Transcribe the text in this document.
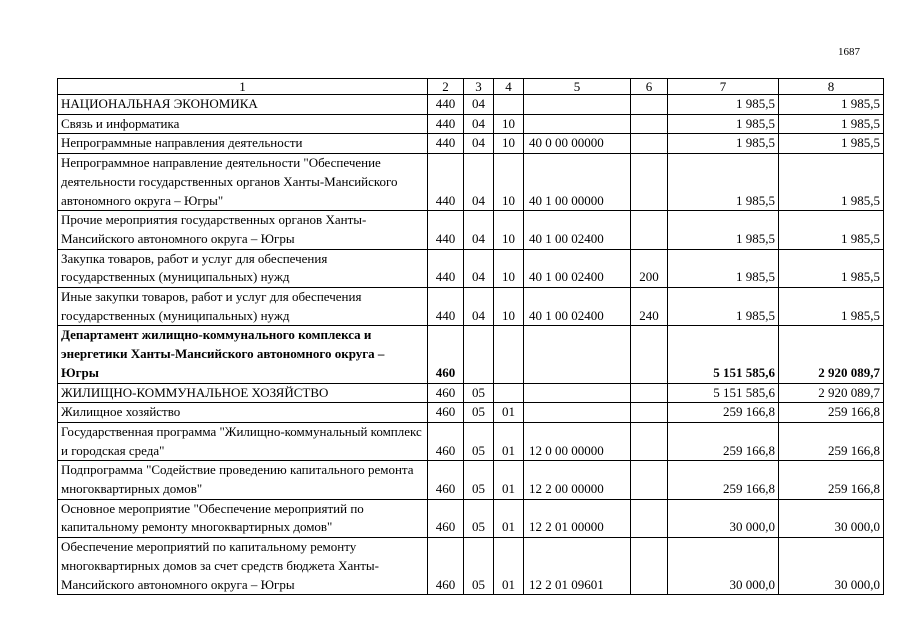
1687
1	2	3	4	5	6	7	8
НАЦИОНАЛЬНАЯ ЭКОНОМИКА	440	04				1 985,5	1 985,5
Связь и информатика	440	04	10			1 985,5	1 985,5
Непрограммные направления деятельности	440	04	10	40 0 00 00000		1 985,5	1 985,5
Непрограммное направление деятельности "Обеспечение деятельности государственных органов Ханты-Мансийского автономного округа – Югры"	440	04	10	40 1 00 00000		1 985,5	1 985,5
Прочие мероприятия государственных органов Ханты-Мансийского автономного округа – Югры	440	04	10	40 1 00 02400		1 985,5	1 985,5
Закупка товаров, работ и услуг для обеспечения государственных (муниципальных) нужд	440	04	10	40 1 00 02400	200	1 985,5	1 985,5
Иные закупки товаров, работ и услуг для обеспечения государственных (муниципальных) нужд	440	04	10	40 1 00 02400	240	1 985,5	1 985,5
Департамент жилищно-коммунального комплекса и энергетики Ханты-Мансийского автономного округа – Югры	460					5 151 585,6	2 920 089,7
ЖИЛИЩНО-КОММУНАЛЬНОЕ ХОЗЯЙСТВО	460	05				5 151 585,6	2 920 089,7
Жилищное хозяйство	460	05	01			259 166,8	259 166,8
Государственная программа "Жилищно-коммунальный комплекс и городская среда"	460	05	01	12 0 00 00000		259 166,8	259 166,8
Подпрограмма "Содействие проведению капитального ремонта многоквартирных домов"	460	05	01	12 2 00 00000		259 166,8	259 166,8
Основное мероприятие "Обеспечение мероприятий по капитальному ремонту многоквартирных домов"	460	05	01	12 2 01 00000		30 000,0	30 000,0
Обеспечение мероприятий по капитальному ремонту многоквартирных домов за счет средств бюджета Ханты-Мансийского автономного округа – Югры	460	05	01	12 2 01 09601		30 000,0	30 000,0
